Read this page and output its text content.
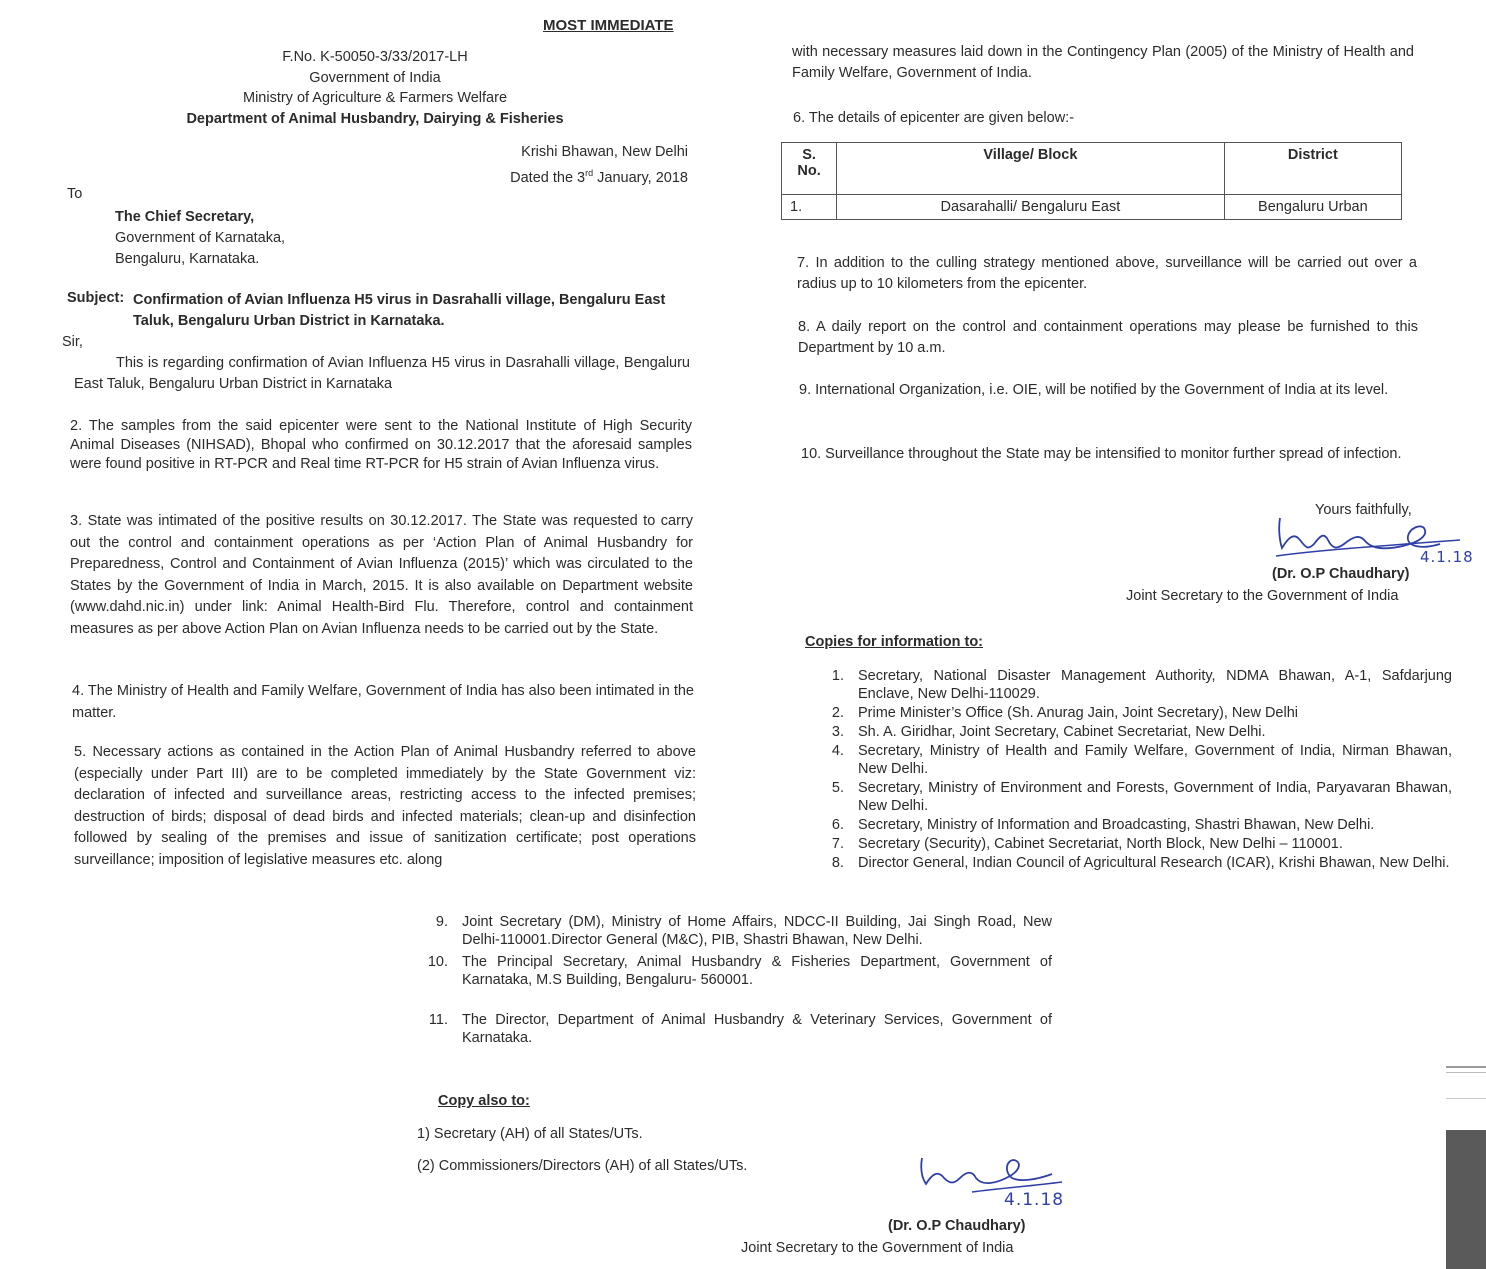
MOST IMMEDIATE
F.No. K-50050-3/33/2017-LH
Government of India
Ministry of Agriculture & Farmers Welfare
Department of Animal Husbandry, Dairying & Fisheries
Krishi Bhawan, New Delhi
Dated the 3rd January, 2018
To
The Chief Secretary,
Government of Karnataka,
Bengaluru, Karnataka.
Subject: Confirmation of Avian Influenza H5 virus in Dasrahalli village, Bengaluru East Taluk, Bengaluru Urban District in Karnataka.
Sir,

This is regarding confirmation of Avian Influenza H5 virus in Dasrahalli village, Bengaluru East Taluk, Bengaluru Urban District in Karnataka

2. The samples from the said epicenter were sent to the National Institute of High Security Animal Diseases (NIHSAD), Bhopal who confirmed on 30.12.2017 that the aforesaid samples were found positive in RT-PCR and Real time RT-PCR for H5 strain of Avian Influenza virus.

3. State was intimated of the positive results on 30.12.2017. The State was requested to carry out the control and containment operations as per ‘Action Plan of Animal Husbandry for Preparedness, Control and Containment of Avian Influenza (2015)’ which was circulated to the States by the Government of India in March, 2015. It is also available on Department website (www.dahd.nic.in) under link: Animal Health-Bird Flu. Therefore, control and containment measures as per above Action Plan on Avian Influenza needs to be carried out by the State.

4. The Ministry of Health and Family Welfare, Government of India has also been intimated in the matter.

5. Necessary actions as contained in the Action Plan of Animal Husbandry referred to above (especially under Part III) are to be completed immediately by the State Government viz: declaration of infected and surveillance areas, restricting access to the infected premises; destruction of birds; disposal of dead birds and infected materials; clean-up and disinfection followed by sealing of the premises and issue of sanitization certificate; post operations surveillance; imposition of legislative measures etc. along

with necessary measures laid down in the Contingency Plan (2005) of the Ministry of Health and Family Welfare, Government of India.

6. The details of epicenter are given below:-

S. No.	Village/ Block	District
1.	Dasarahalli/ Bengaluru East	Bengaluru Urban

7. In addition to the culling strategy mentioned above, surveillance will be carried out over a radius up to 10 kilometers from the epicenter.

8. A daily report on the control and containment operations may please be furnished to this Department by 10 a.m.

9. International Organization, i.e. OIE, will be notified by the Government of India at its level.

10. Surveillance throughout the State may be intensified to monitor further spread of infection.

Yours faithfully,
4.1.18
(Dr. O.P Chaudhary)
Joint Secretary to the Government of India
Copies for information to:
1. Secretary, National Disaster Management Authority, NDMA Bhawan, A-1, Safdarjung Enclave, New Delhi-110029.
2. Prime Minister’s Office (Sh. Anurag Jain, Joint Secretary), New Delhi
3. Sh. A. Giridhar, Joint Secretary, Cabinet Secretariat, New Delhi.
4. Secretary, Ministry of Health and Family Welfare, Government of India, Nirman Bhawan, New Delhi.
5. Secretary, Ministry of Environment and Forests, Government of India, Paryavaran Bhawan, New Delhi.
6. Secretary, Ministry of Information and Broadcasting, Shastri Bhawan, New Delhi.
7. Secretary (Security), Cabinet Secretariat, North Block, New Delhi – 110001.
8. Director General, Indian Council of Agricultural Research (ICAR), Krishi Bhawan, New Delhi.
9. Joint Secretary (DM), Ministry of Home Affairs, NDCC-II Building, Jai Singh Road, New Delhi-110001.Director General (M&C), PIB, Shastri Bhawan, New Delhi.
10. The Principal Secretary, Animal Husbandry & Fisheries Department, Government of Karnataka, M.S Building, Bengaluru- 560001.
11. The Director, Department of Animal Husbandry & Veterinary Services, Government of Karnataka.
Copy also to:
1) Secretary (AH) of all States/UTs.
(2) Commissioners/Directors (AH) of all States/UTs.
4.1.18
(Dr. O.P Chaudhary)
Joint Secretary to the Government of India
